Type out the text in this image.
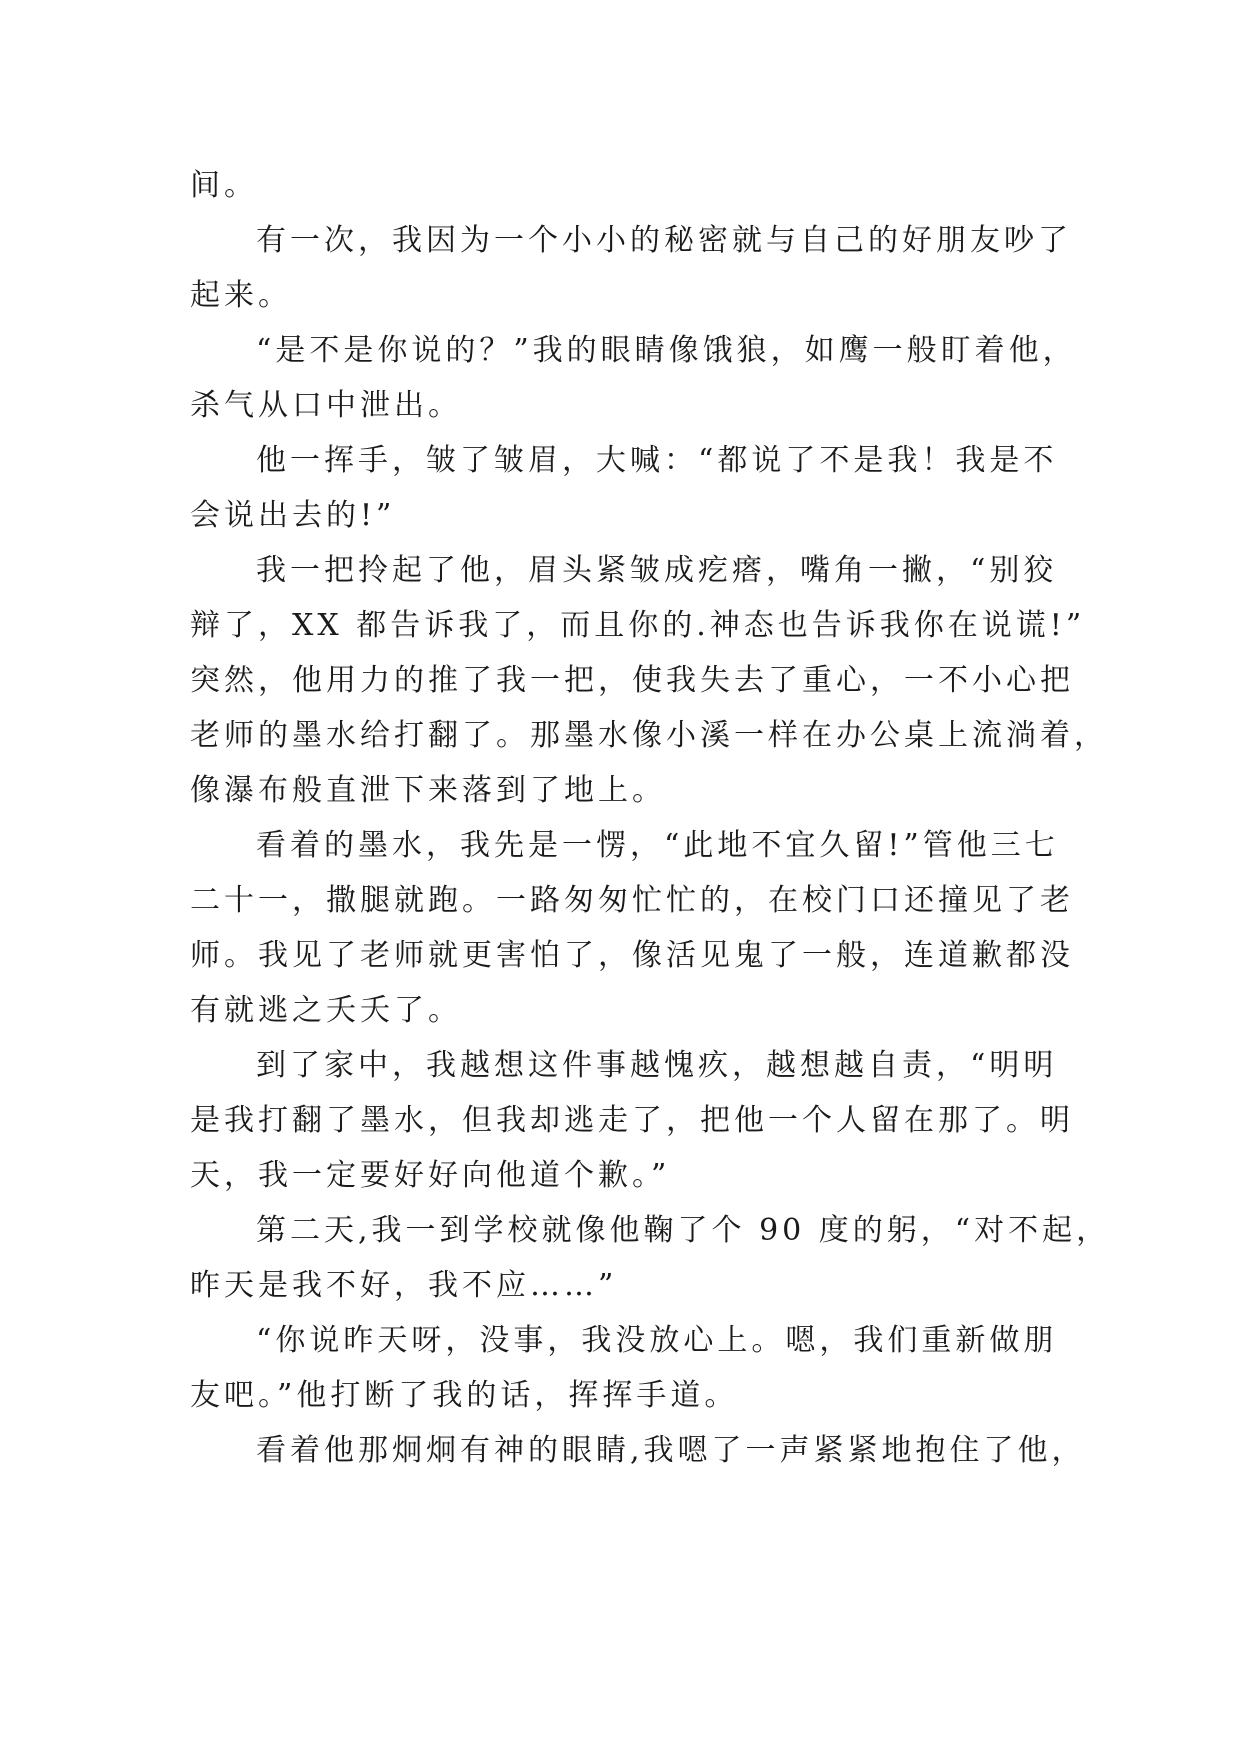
间。
有一次，我因为一个小小的秘密就与自己的好朋友吵了
起来。
“是不是你说的？”我的眼睛像饿狼，如鹰一般盯着他，
杀气从口中泄出。
他一挥手，皱了皱眉，大喊：“都说了不是我！我是不
会说出去的!”
我一把拎起了他，眉头紧皱成疙瘩，嘴角一撇，“别狡
辩了，XX 都告诉我了，而且你的.神态也告诉我你在说谎!”
突然，他用力的推了我一把，使我失去了重心，一不小心把
老师的墨水给打翻了。那墨水像小溪一样在办公桌上流淌着，
像瀑布般直泄下来落到了地上。
看着的墨水，我先是一愣，“此地不宜久留!”管他三七
二十一，撒腿就跑。一路匆匆忙忙的，在校门口还撞见了老
师。我见了老师就更害怕了，像活见鬼了一般，连道歉都没
有就逃之夭夭了。
到了家中，我越想这件事越愧疚，越想越自责，“明明
是我打翻了墨水，但我却逃走了，把他一个人留在那了。明
天，我一定要好好向他道个歉。”
第二天,我一到学校就像他鞠了个 90 度的躬，“对不起，
昨天是我不好，我不应……”
“你说昨天呀，没事，我没放心上。嗯，我们重新做朋
友吧。”他打断了我的话，挥挥手道。
看着他那炯炯有神的眼睛,我嗯了一声紧紧地抱住了他，
